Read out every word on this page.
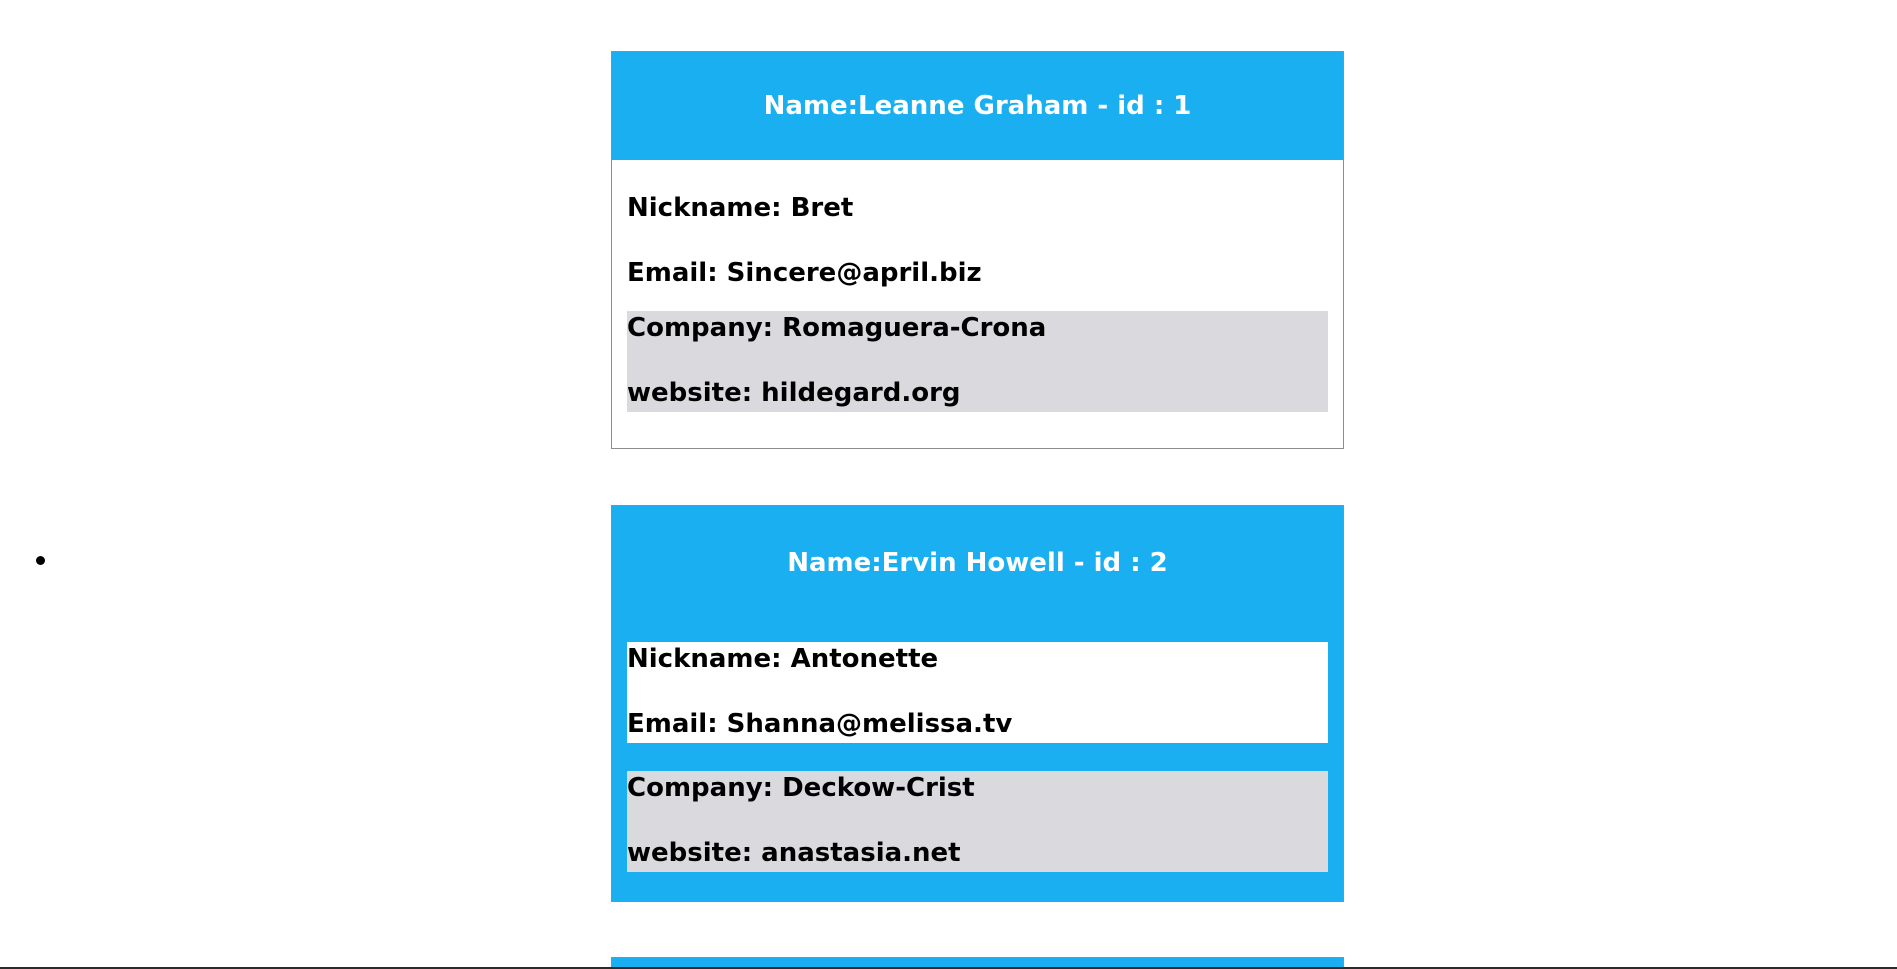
Name:Leanne Graham - id : 1

Nickname: Bret

Email: Sincere@april.biz

Company: Romaguera-Crona

website: hildegard.org

Name:Ervin Howell - id : 2

Nickname: Antonette

Email: Shanna@melissa.tv

Company: Deckow-Crist

website: anastasia.net
